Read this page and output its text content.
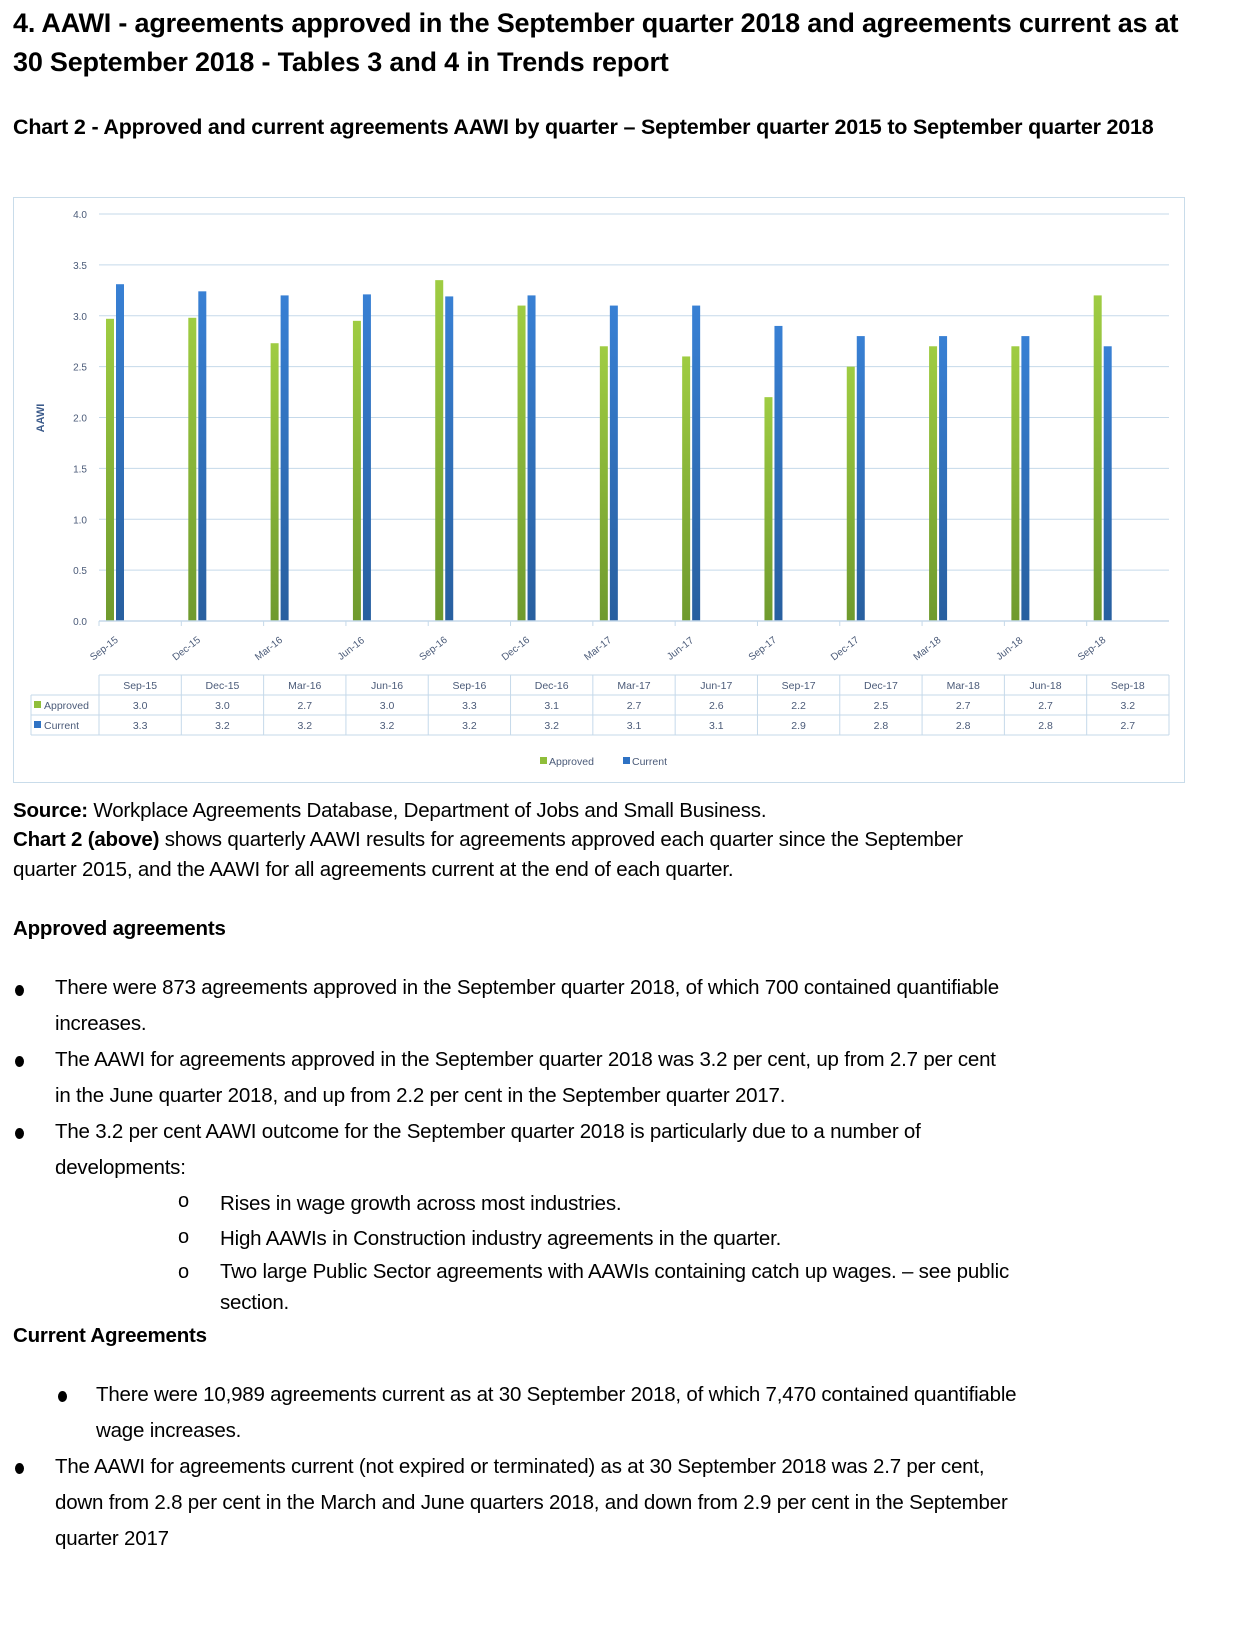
4. AAWI - agreements approved in the September quarter 2018 and agreements current as at 30 September 2018 - Tables 3 and 4 in Trends report
Chart 2 - Approved and current agreements AAWI by quarter – September quarter 2015 to September quarter 2018
0.0
0.5
1.0
1.5
2.0
2.5
3.0
3.5
4.0
AAWI
Sep-15	Dec-15	Mar-16	Jun-16	Sep-16	Dec-16	Mar-17	Jun-17	Sep-17	Dec-17	Mar-18	Jun-18	Sep-18
Sep-15	Dec-15	Mar-16	Jun-16	Sep-16	Dec-16	Mar-17	Jun-17	Sep-17	Dec-17	Mar-18	Jun-18	Sep-18
Approved	3.0	3.0	2.7	3.0	3.3	3.1	2.7	2.6	2.2	2.5	2.7	2.7	3.2
Current	3.3	3.2	3.2	3.2	3.2	3.2	3.1	3.1	2.9	2.8	2.8	2.8	2.7
Approved	Current
Source: Workplace Agreements Database, Department of Jobs and Small Business.
Chart 2 (above) shows quarterly AAWI results for agreements approved each quarter since the September
quarter 2015, and the AAWI for all agreements current at the end of each quarter.
Approved agreements
There were 873 agreements approved in the September quarter 2018, of which 700 contained quantifiable
increases.
The AAWI for agreements approved in the September quarter 2018 was 3.2 per cent, up from 2.7 per cent
in the June quarter 2018, and up from 2.2 per cent in the September quarter 2017.
The 3.2 per cent AAWI outcome for the September quarter 2018 is particularly due to a number of
developments:
o Rises in wage growth across most industries.
o High AAWIs in Construction industry agreements in the quarter.
o Two large Public Sector agreements with AAWIs containing catch up wages. – see public
section.
Current Agreements
There were 10,989 agreements current as at 30 September 2018, of which 7,470 contained quantifiable
wage increases.
The AAWI for agreements current (not expired or terminated) as at 30 September 2018 was 2.7 per cent,
down from 2.8 per cent in the March and June quarters 2018, and down from 2.9 per cent in the September
quarter 2017
